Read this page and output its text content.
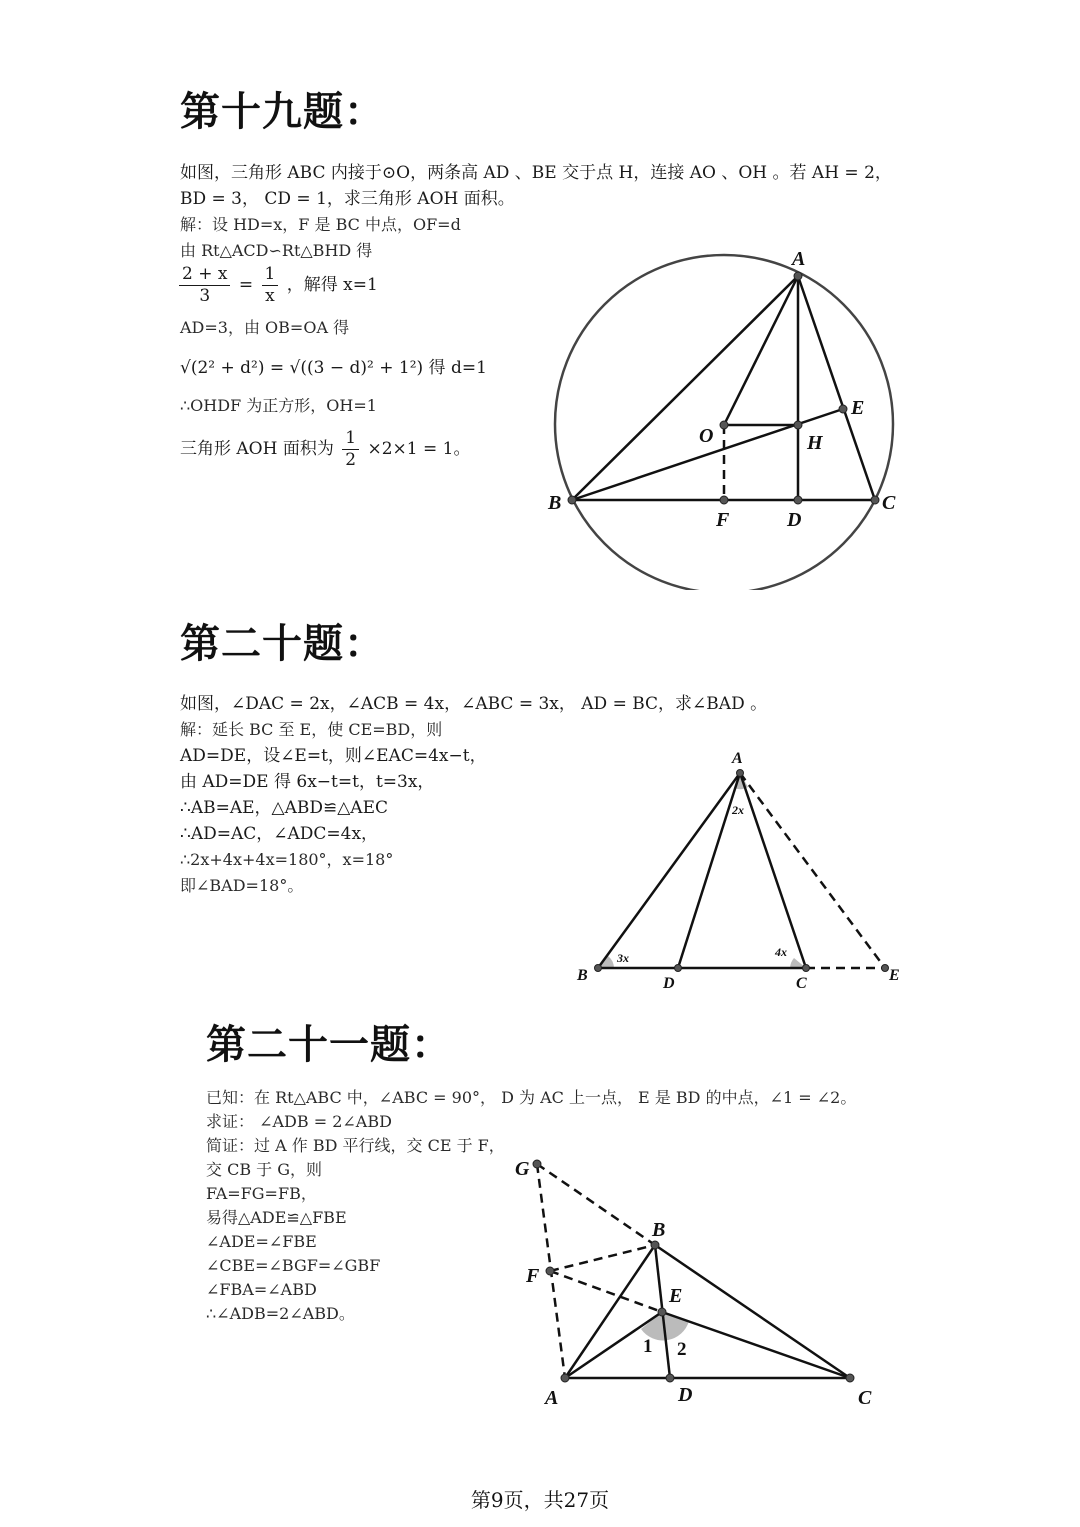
第十九题：
如图，三角形 ABC 内接于⊙O，两条高 AD 、BE 交于点 H，连接 AO 、OH 。若 AH = 2，
BD = 3， CD = 1，求三角形 AOH 面积。
解：设 HD=x，F 是 BC 中点，OF=d
由 Rt△ACD∽Rt△BHD 得
$\frac{2 + x}{3} = \frac{1}{x}$ ，解得 x=1
AD=3，由 OB=OA 得
√(2² + d²) = √((3 − d)² + 1²) 得 d=1
∴OHDF 为正方形，OH=1
三角形 AOH 面积为 $\frac{1}{2} \times 2\times 1 = 1$。
A
B	C
D
E
F
H
O
第二十题：
如图，∠DAC = 2x，∠ACB = 4x，∠ABC = 3x， AD = BC，求∠BAD 。
解：延长 BC 至 E，使 CE=BD，则
AD=DE，设∠E=t，则∠EAC=4x−t，
由 AD=DE 得 6x−t=t，t=3x，
∴AB=AE，△ABD≌△AEC
∴AD=AC，∠ADC=4x，
∴2x+4x+4x=180°，x=18°
即∠BAD=18°。
A
B	D	C	E
2x
3x	4x
第二十一题：
已知：在 Rt△ABC 中，∠ABC = 90°， D 为 AC 上一点， E 是 BD 的中点，∠1 = ∠2。
求证： ∠ADB = 2∠ABD
简证：过 A 作 BD 平行线，交 CE 于 F，
交 CB 于 G，则
FA=FG=FB，
易得△ADE≌△FBE
∠ADE=∠FBE
∠CBE=∠BGF=∠GBF
∠FBA=∠ABD
∴∠ADB=2∠ABD。
G
B
F
E
A	D	C
1 2
第9页，共27页
